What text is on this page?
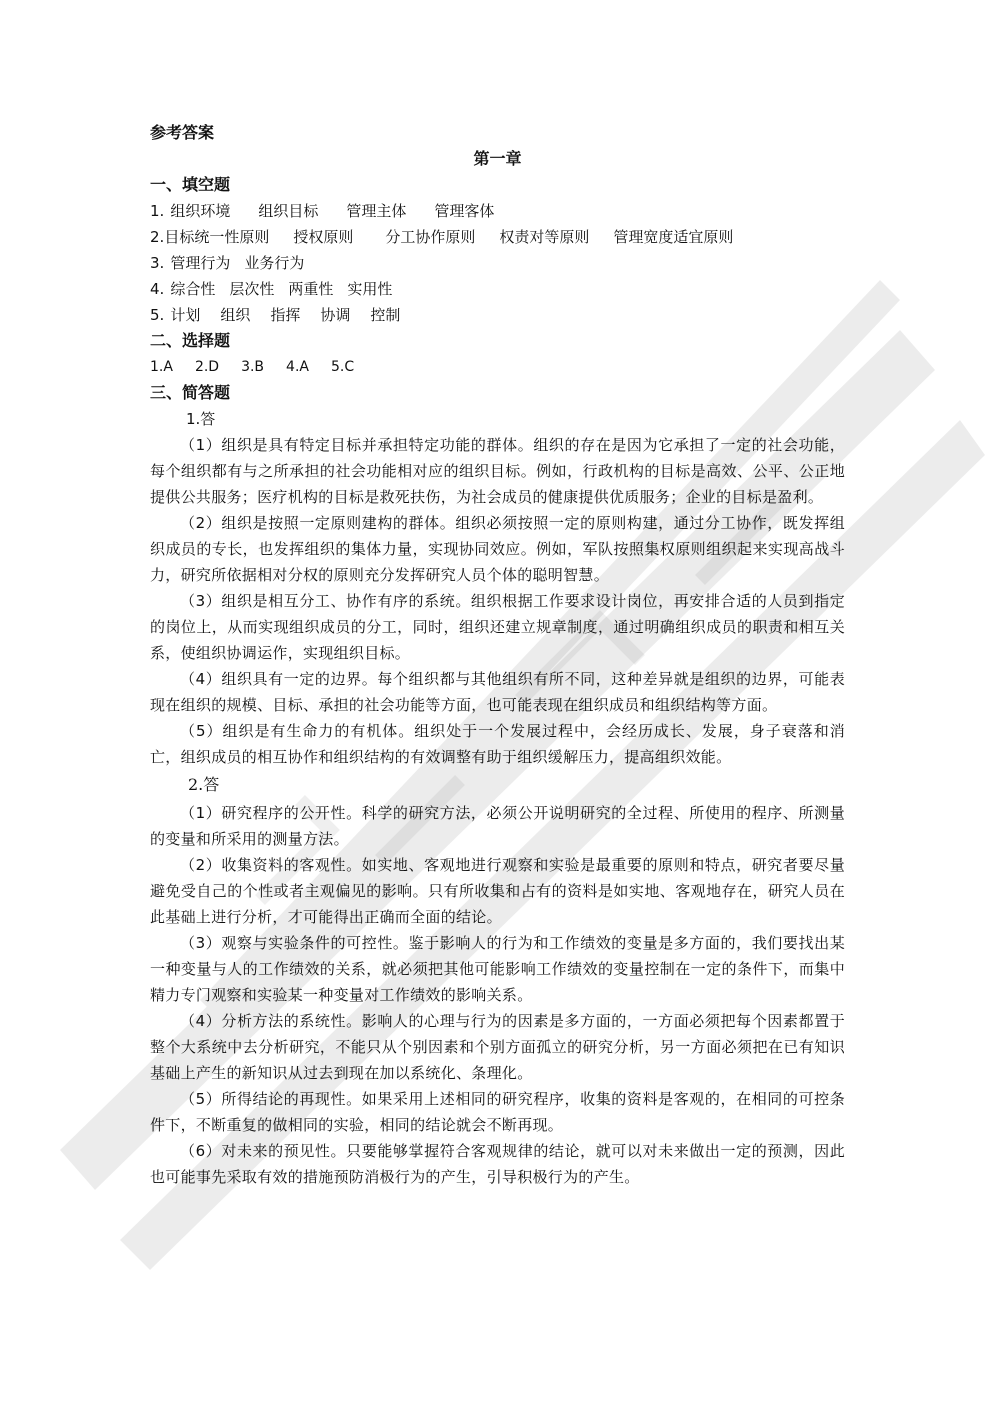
参考答案
第一章
一、填空题
1. 组织环境 组织目标 管理主体 管理客体
2.目标统一性原则 授权原则 分工协作原则 权责对等原则 管理宽度适宜原则
3. 管理行为 业务行为
4. 综合性 层次性 两重性 实用性
5. 计划 组织 指挥 协调 控制
二、选择题
1.A 2.D 3.B 4.A 5.C
三、简答题
1.答

（1）组织是具有特定目标并承担特定功能的群体。组织的存在是因为它承担了一定的社会功能，每个组织都有与之所承担的社会功能相对应的组织目标。例如，行政机构的目标是高效、公平、公正地提供公共服务；医疗机构的目标是救死扶伤，为社会成员的健康提供优质服务；企业的目标是盈利。

（2）组织是按照一定原则建构的群体。组织必须按照一定的原则构建，通过分工协作，既发挥组织成员的专长，也发挥组织的集体力量，实现协同效应。例如，军队按照集权原则组织起来实现高战斗力，研究所依据相对分权的原则充分发挥研究人员个体的聪明智慧。

（3）组织是相互分工、协作有序的系统。组织根据工作要求设计岗位，再安排合适的人员到指定的岗位上，从而实现组织成员的分工，同时，组织还建立规章制度，通过明确组织成员的职责和相互关系，使组织协调运作，实现组织目标。

（4）组织具有一定的边界。每个组织都与其他组织有所不同，这种差异就是组织的边界，可能表现在组织的规模、目标、承担的社会功能等方面，也可能表现在组织成员和组织结构等方面。

（5）组织是有生命力的有机体。组织处于一个发展过程中，会经历成长、发展，身子衰落和消亡，组织成员的相互协作和组织结构的有效调整有助于组织缓解压力，提高组织效能。

2.答

（1）研究程序的公开性。科学的研究方法，必须公开说明研究的全过程、所使用的程序、所测量的变量和所采用的测量方法。

（2）收集资料的客观性。如实地、客观地进行观察和实验是最重要的原则和特点，研究者要尽量避免受自己的个性或者主观偏见的影响。只有所收集和占有的资料是如实地、客观地存在，研究人员在此基础上进行分析，才可能得出正确而全面的结论。

（3）观察与实验条件的可控性。鉴于影响人的行为和工作绩效的变量是多方面的，我们要找出某一种变量与人的工作绩效的关系，就必须把其他可能影响工作绩效的变量控制在一定的条件下，而集中精力专门观察和实验某一种变量对工作绩效的影响关系。

（4）分析方法的系统性。影响人的心理与行为的因素是多方面的，一方面必须把每个因素都置于整个大系统中去分析研究，不能只从个别因素和个别方面孤立的研究分析，另一方面必须把在已有知识基础上产生的新知识从过去到现在加以系统化、条理化。

（5）所得结论的再现性。如果采用上述相同的研究程序，收集的资料是客观的，在相同的可控条件下，不断重复的做相同的实验，相同的结论就会不断再现。

（6）对未来的预见性。只要能够掌握符合客观规律的结论，就可以对未来做出一定的预测，因此也可能事先采取有效的措施预防消极行为的产生，引导积极行为的产生。
